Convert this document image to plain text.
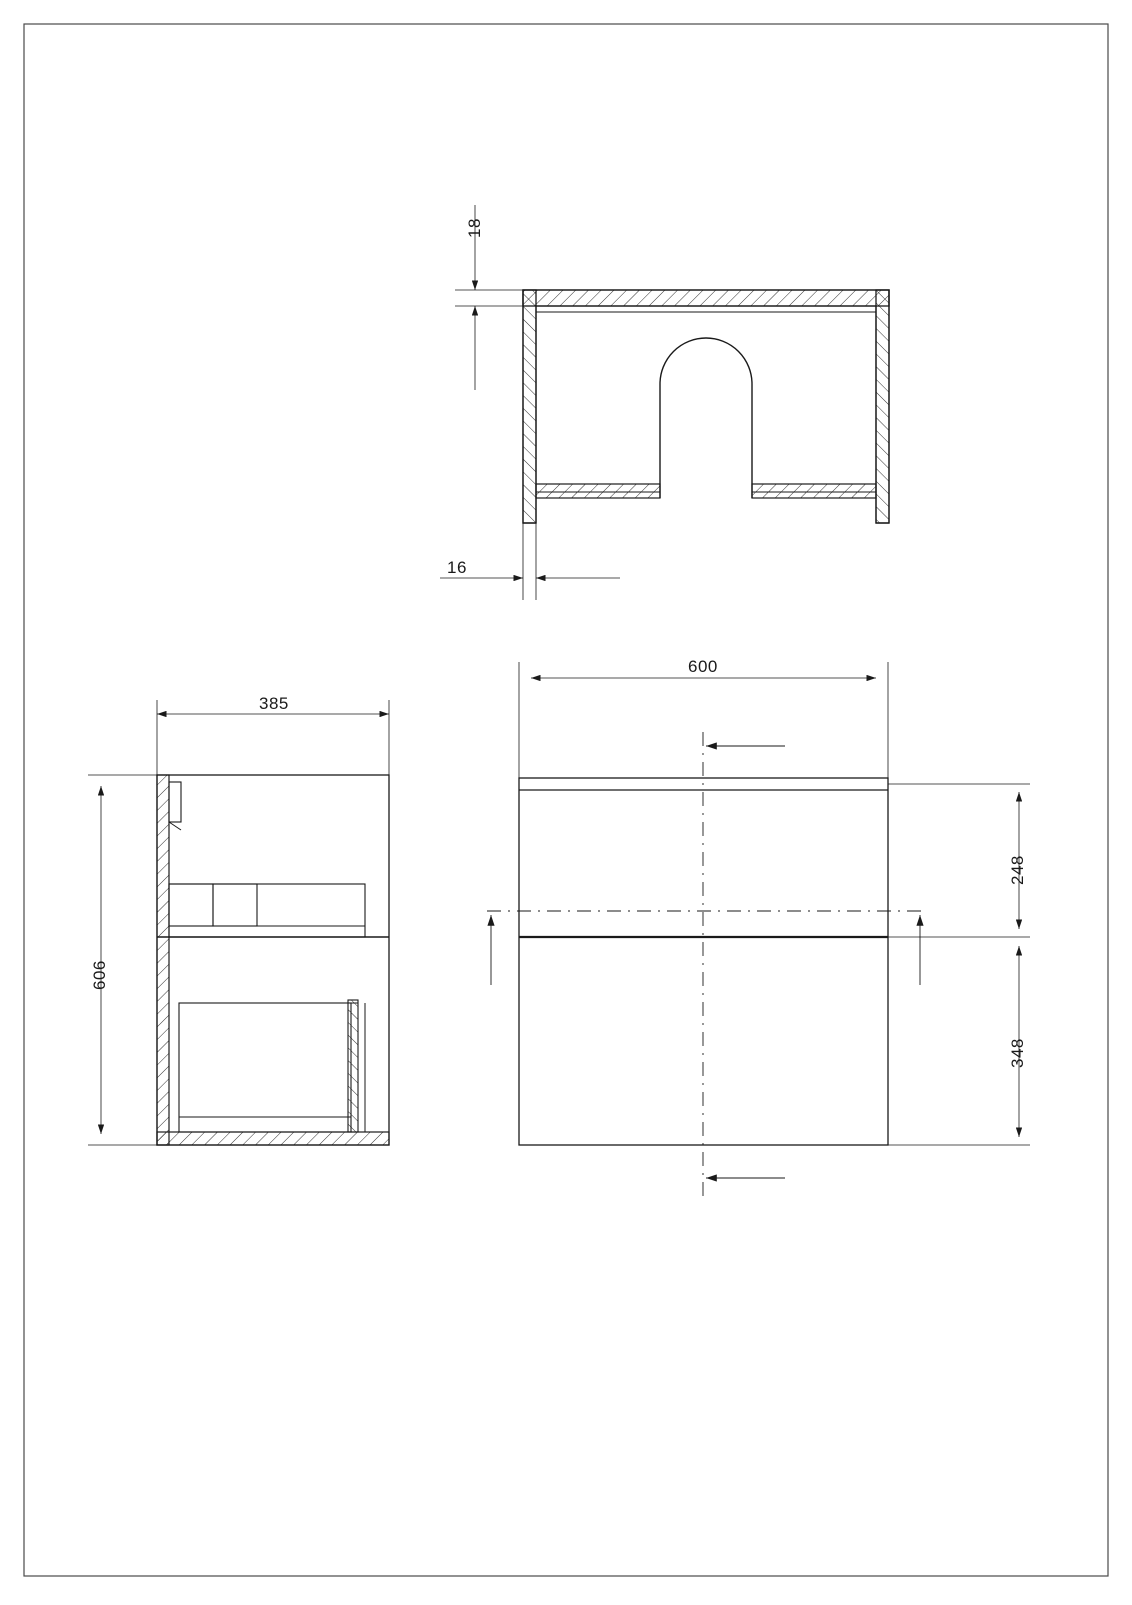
18
16
385
606
600
248
348
